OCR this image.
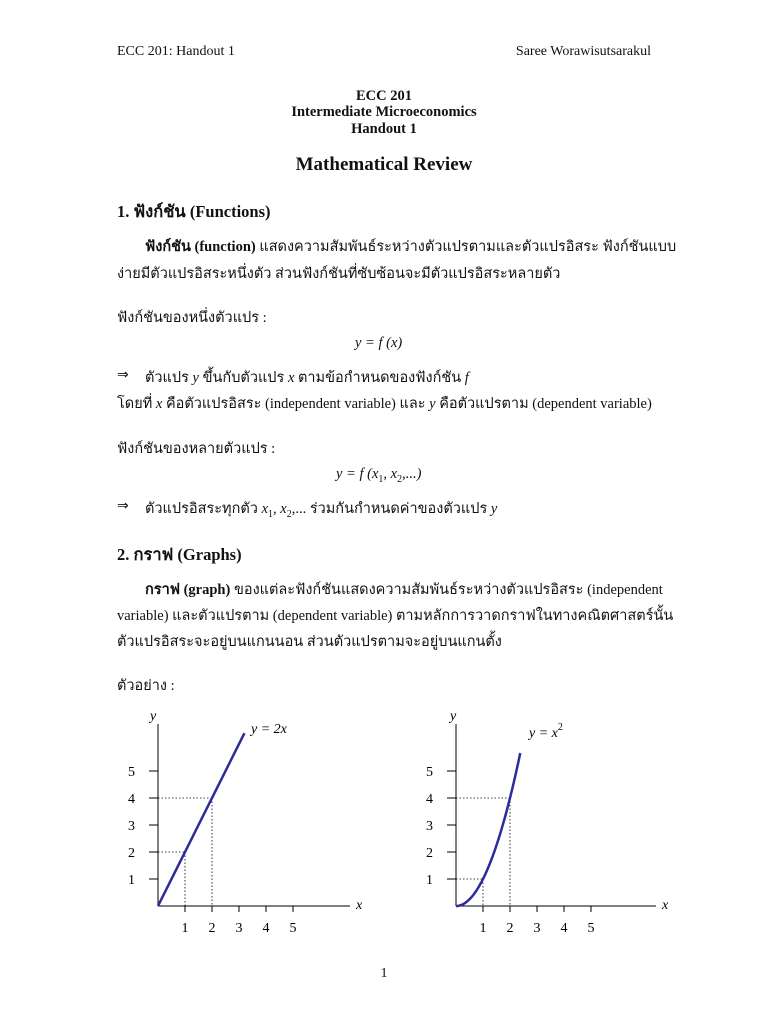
ECC 201: Handout 1	Saree Worawisutsarakul
ECC 201
Intermediate Microeconomics
Handout 1
Mathematical Review
1. ฟังก์ชัน (Functions)
ฟังก์ชัน (function) แสดงความสัมพันธ์ระหว่างตัวแปรตามและตัวแปรอิสระ ฟังก์ชันแบบ
ง่ายมีตัวแปรอิสระหนึ่งตัว ส่วนฟังก์ชันที่ซับซ้อนจะมีตัวแปรอิสระหลายตัว
ฟังก์ชันของหนึ่งตัวแปร :
y = f (x)
⇒ ตัวแปร y ขึ้นกับตัวแปร x ตามข้อกำหนดของฟังก์ชัน f
โดยที่ x คือตัวแปรอิสระ (independent variable) และ y คือตัวแปรตาม (dependent variable)
ฟังก์ชันของหลายตัวแปร :
y = f ($x_1$, $x_2$,...)
⇒ ตัวแปรอิสระทุกตัว $x_1$, $x_2$,... ร่วมกันกำหนดค่าของตัวแปร y
2. กราฟ (Graphs)
กราฟ (graph) ของแต่ละฟังก์ชันแสดงความสัมพันธ์ระหว่างตัวแปรอิสระ (independent
variable) และตัวแปรตาม (dependent variable) ตามหลักการวาดกราฟในทางคณิตศาสตร์นั้น
ตัวแปรอิสระจะอยู่บนแกนนอน ส่วนตัวแปรตามจะอยู่บนแกนตั้ง
ตัวอย่าง :
1 2 3 4 5
1
2
3
4
5
y
x
y = 2x
1 2 3 4 5
1
2
3
4
5
y
x
$y = x^2$
1
